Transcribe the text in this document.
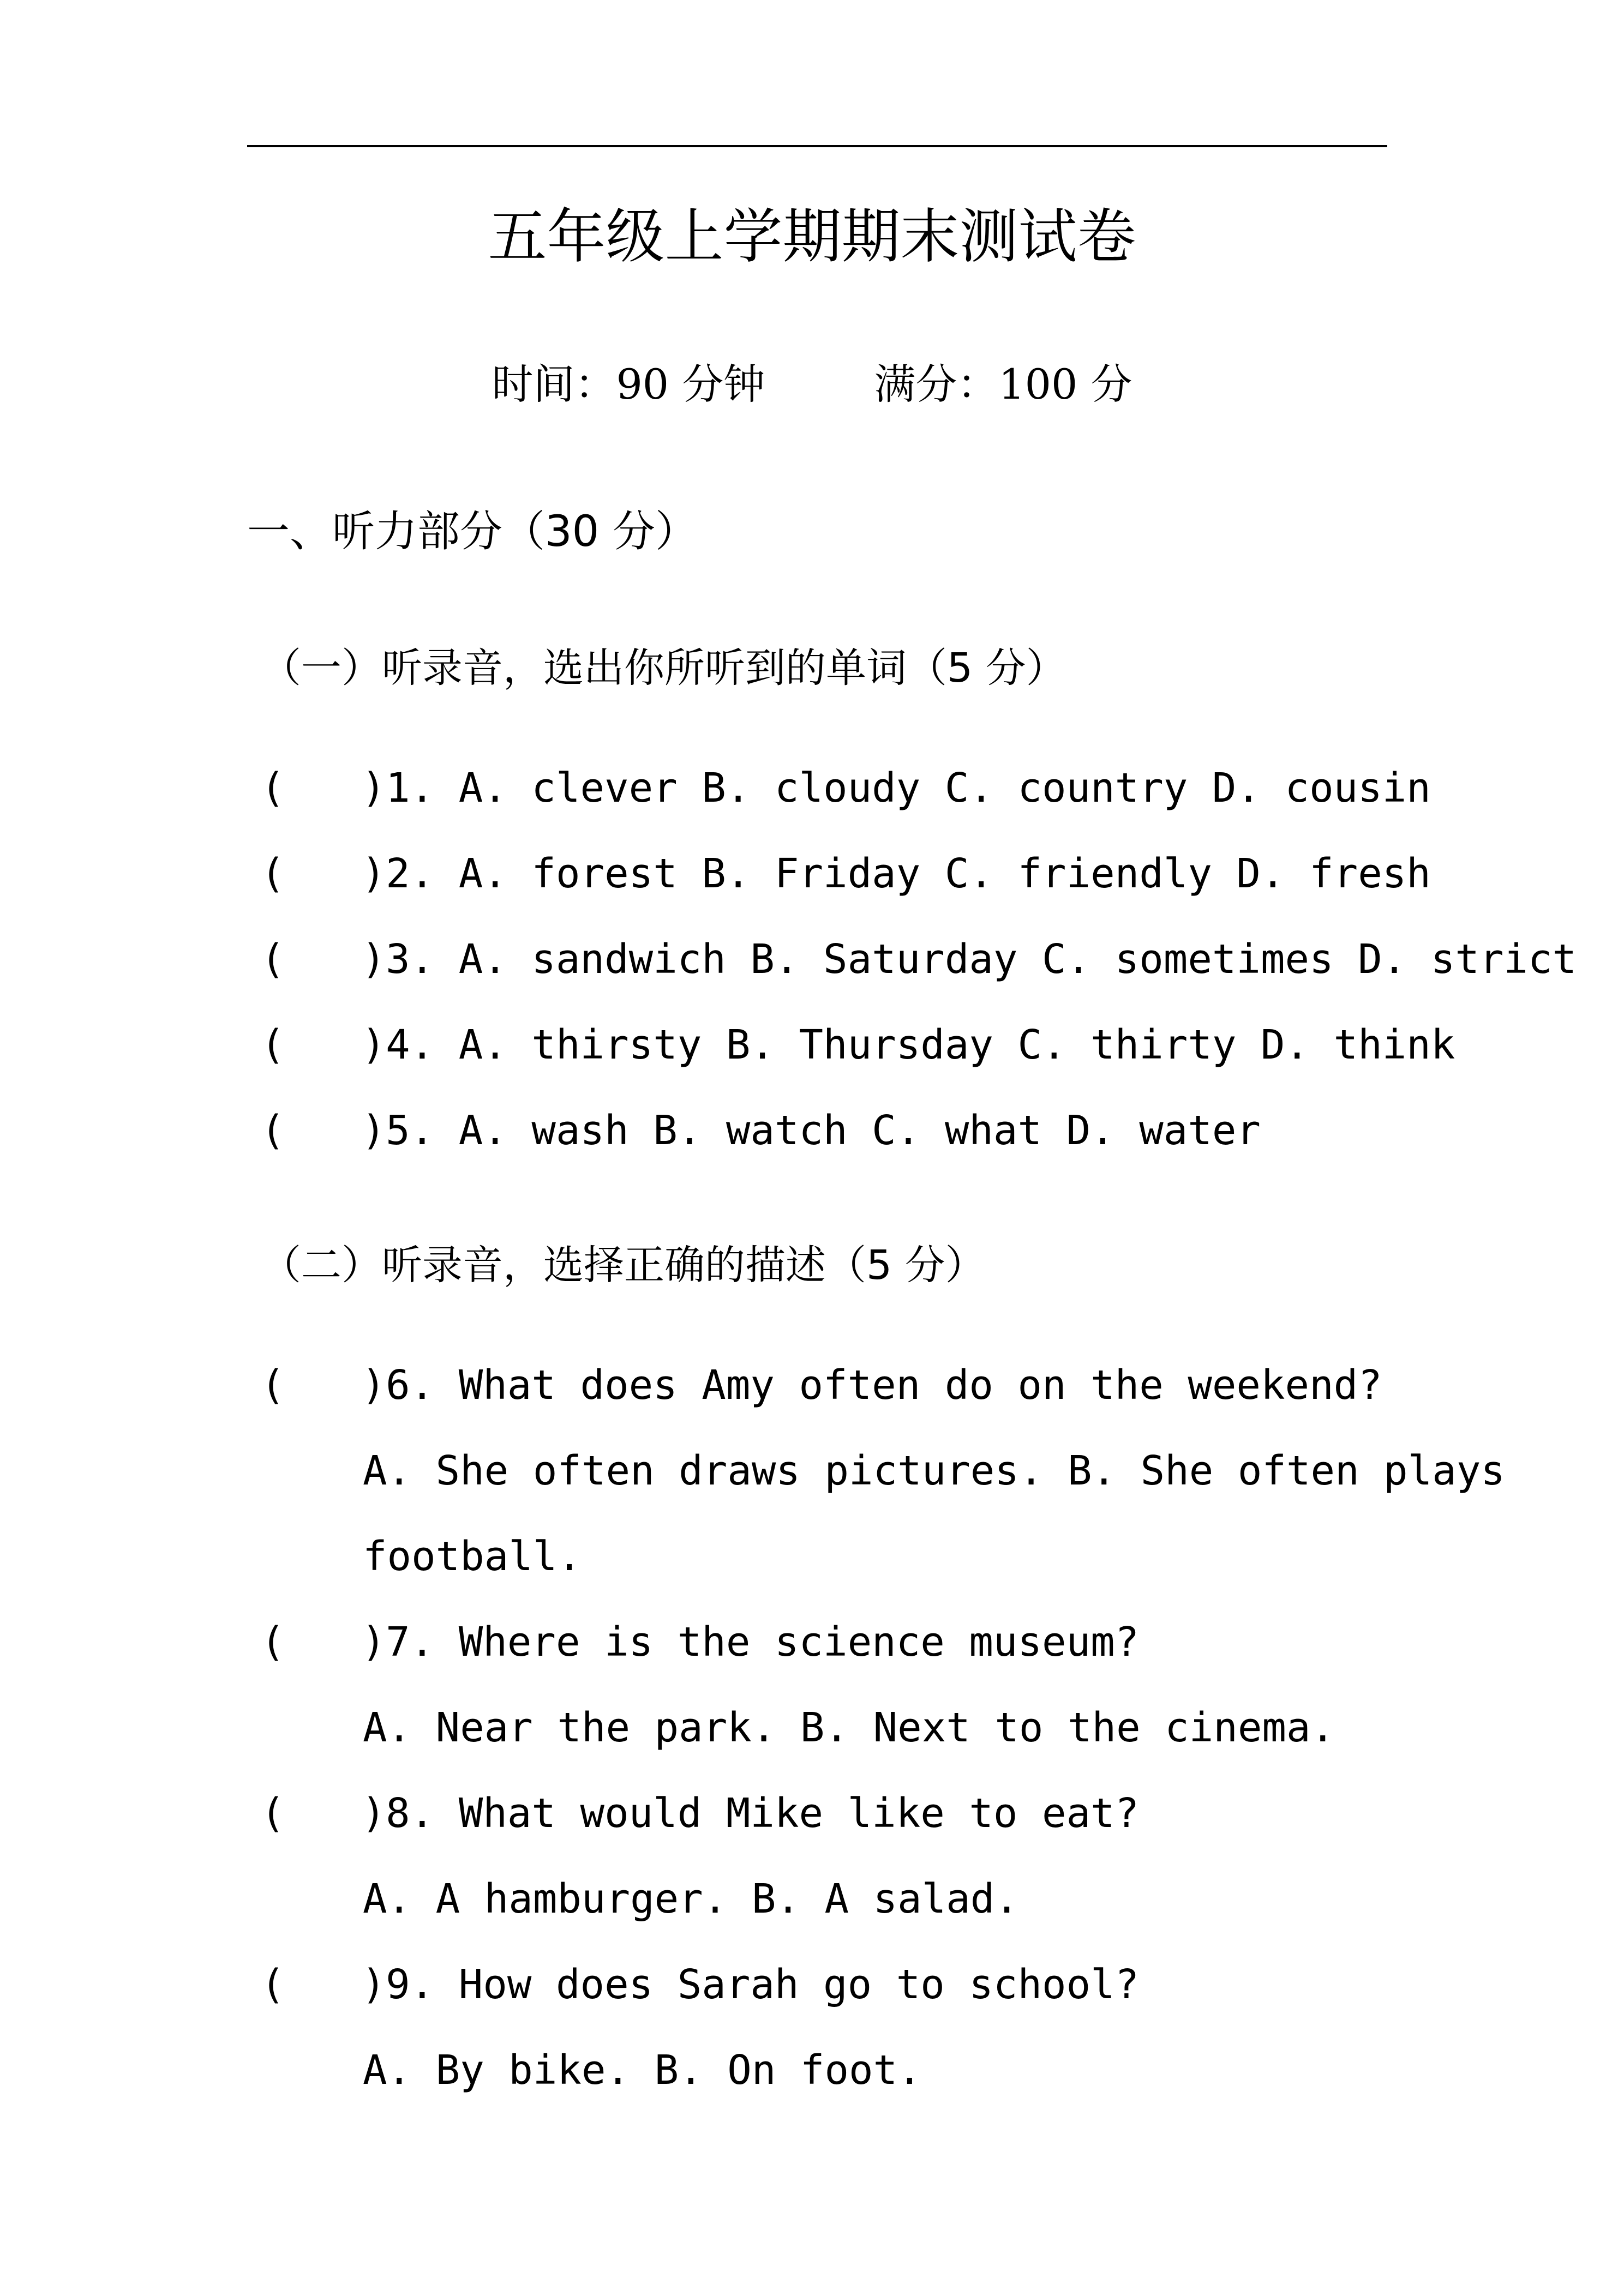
五年级上学期期末测试卷
时间：90 分钟	满分：100 分
一、听力部分（30 分）
（一）听录音，选出你所听到的单词（5 分）
( )1. A. clever B. cloudy C. country D. cousin
( )2. A. forest B. Friday C. friendly D. fresh
( )3. A. sandwich B. Saturday C. sometimes D. strict
( )4. A. thirsty B. Thursday C. thirty D. think
( )5. A. wash B. watch C. what D. water
（二）听录音，选择正确的描述（5 分）
( )6. What does Amy often do on the weekend?
A. She often draws pictures. B. She often plays
football.
( )7. Where is the science museum?
A. Near the park. B. Next to the cinema.
( )8. What would Mike like to eat?
A. A hamburger. B. A salad.
( )9. How does Sarah go to school?
A. By bike. B. On foot.
